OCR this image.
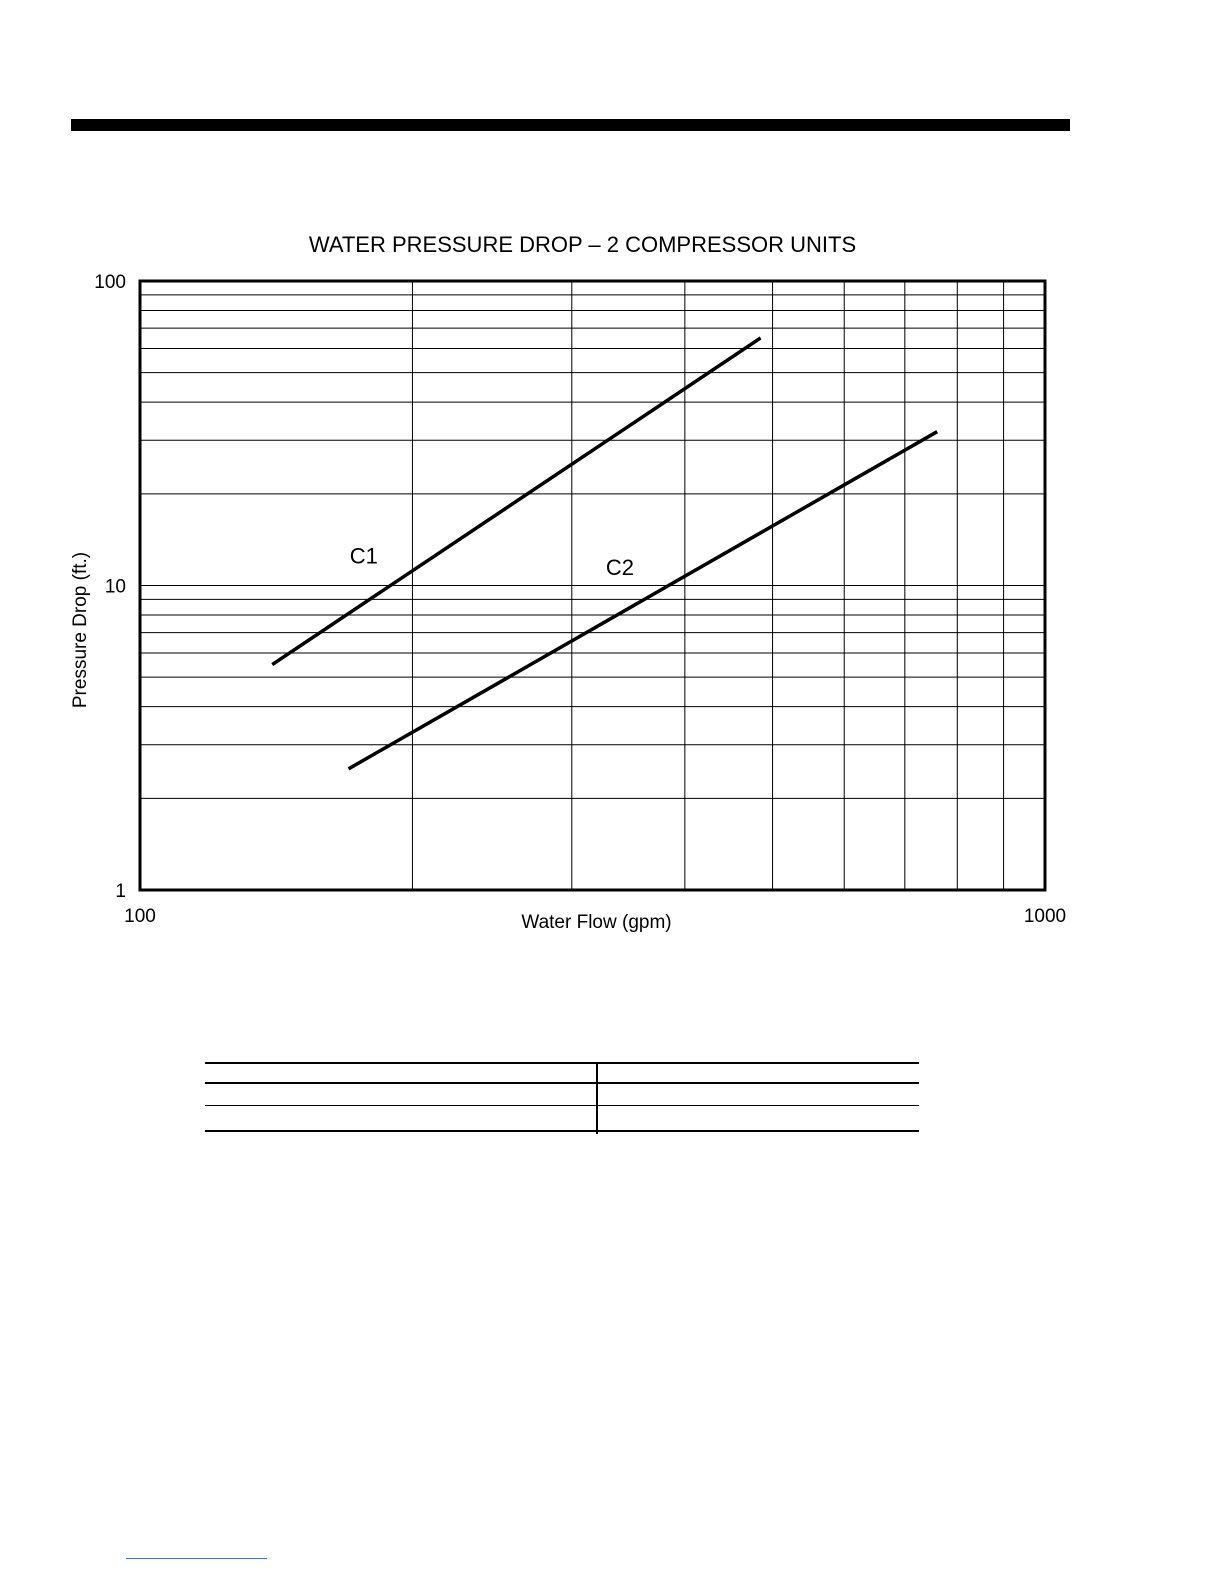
WATER PRESSURE DROP – 2 COMPRESSOR UNITS
1
10
100
100	1000
Water Flow (gpm)
Pressure Drop (ft.)	C1	C2
